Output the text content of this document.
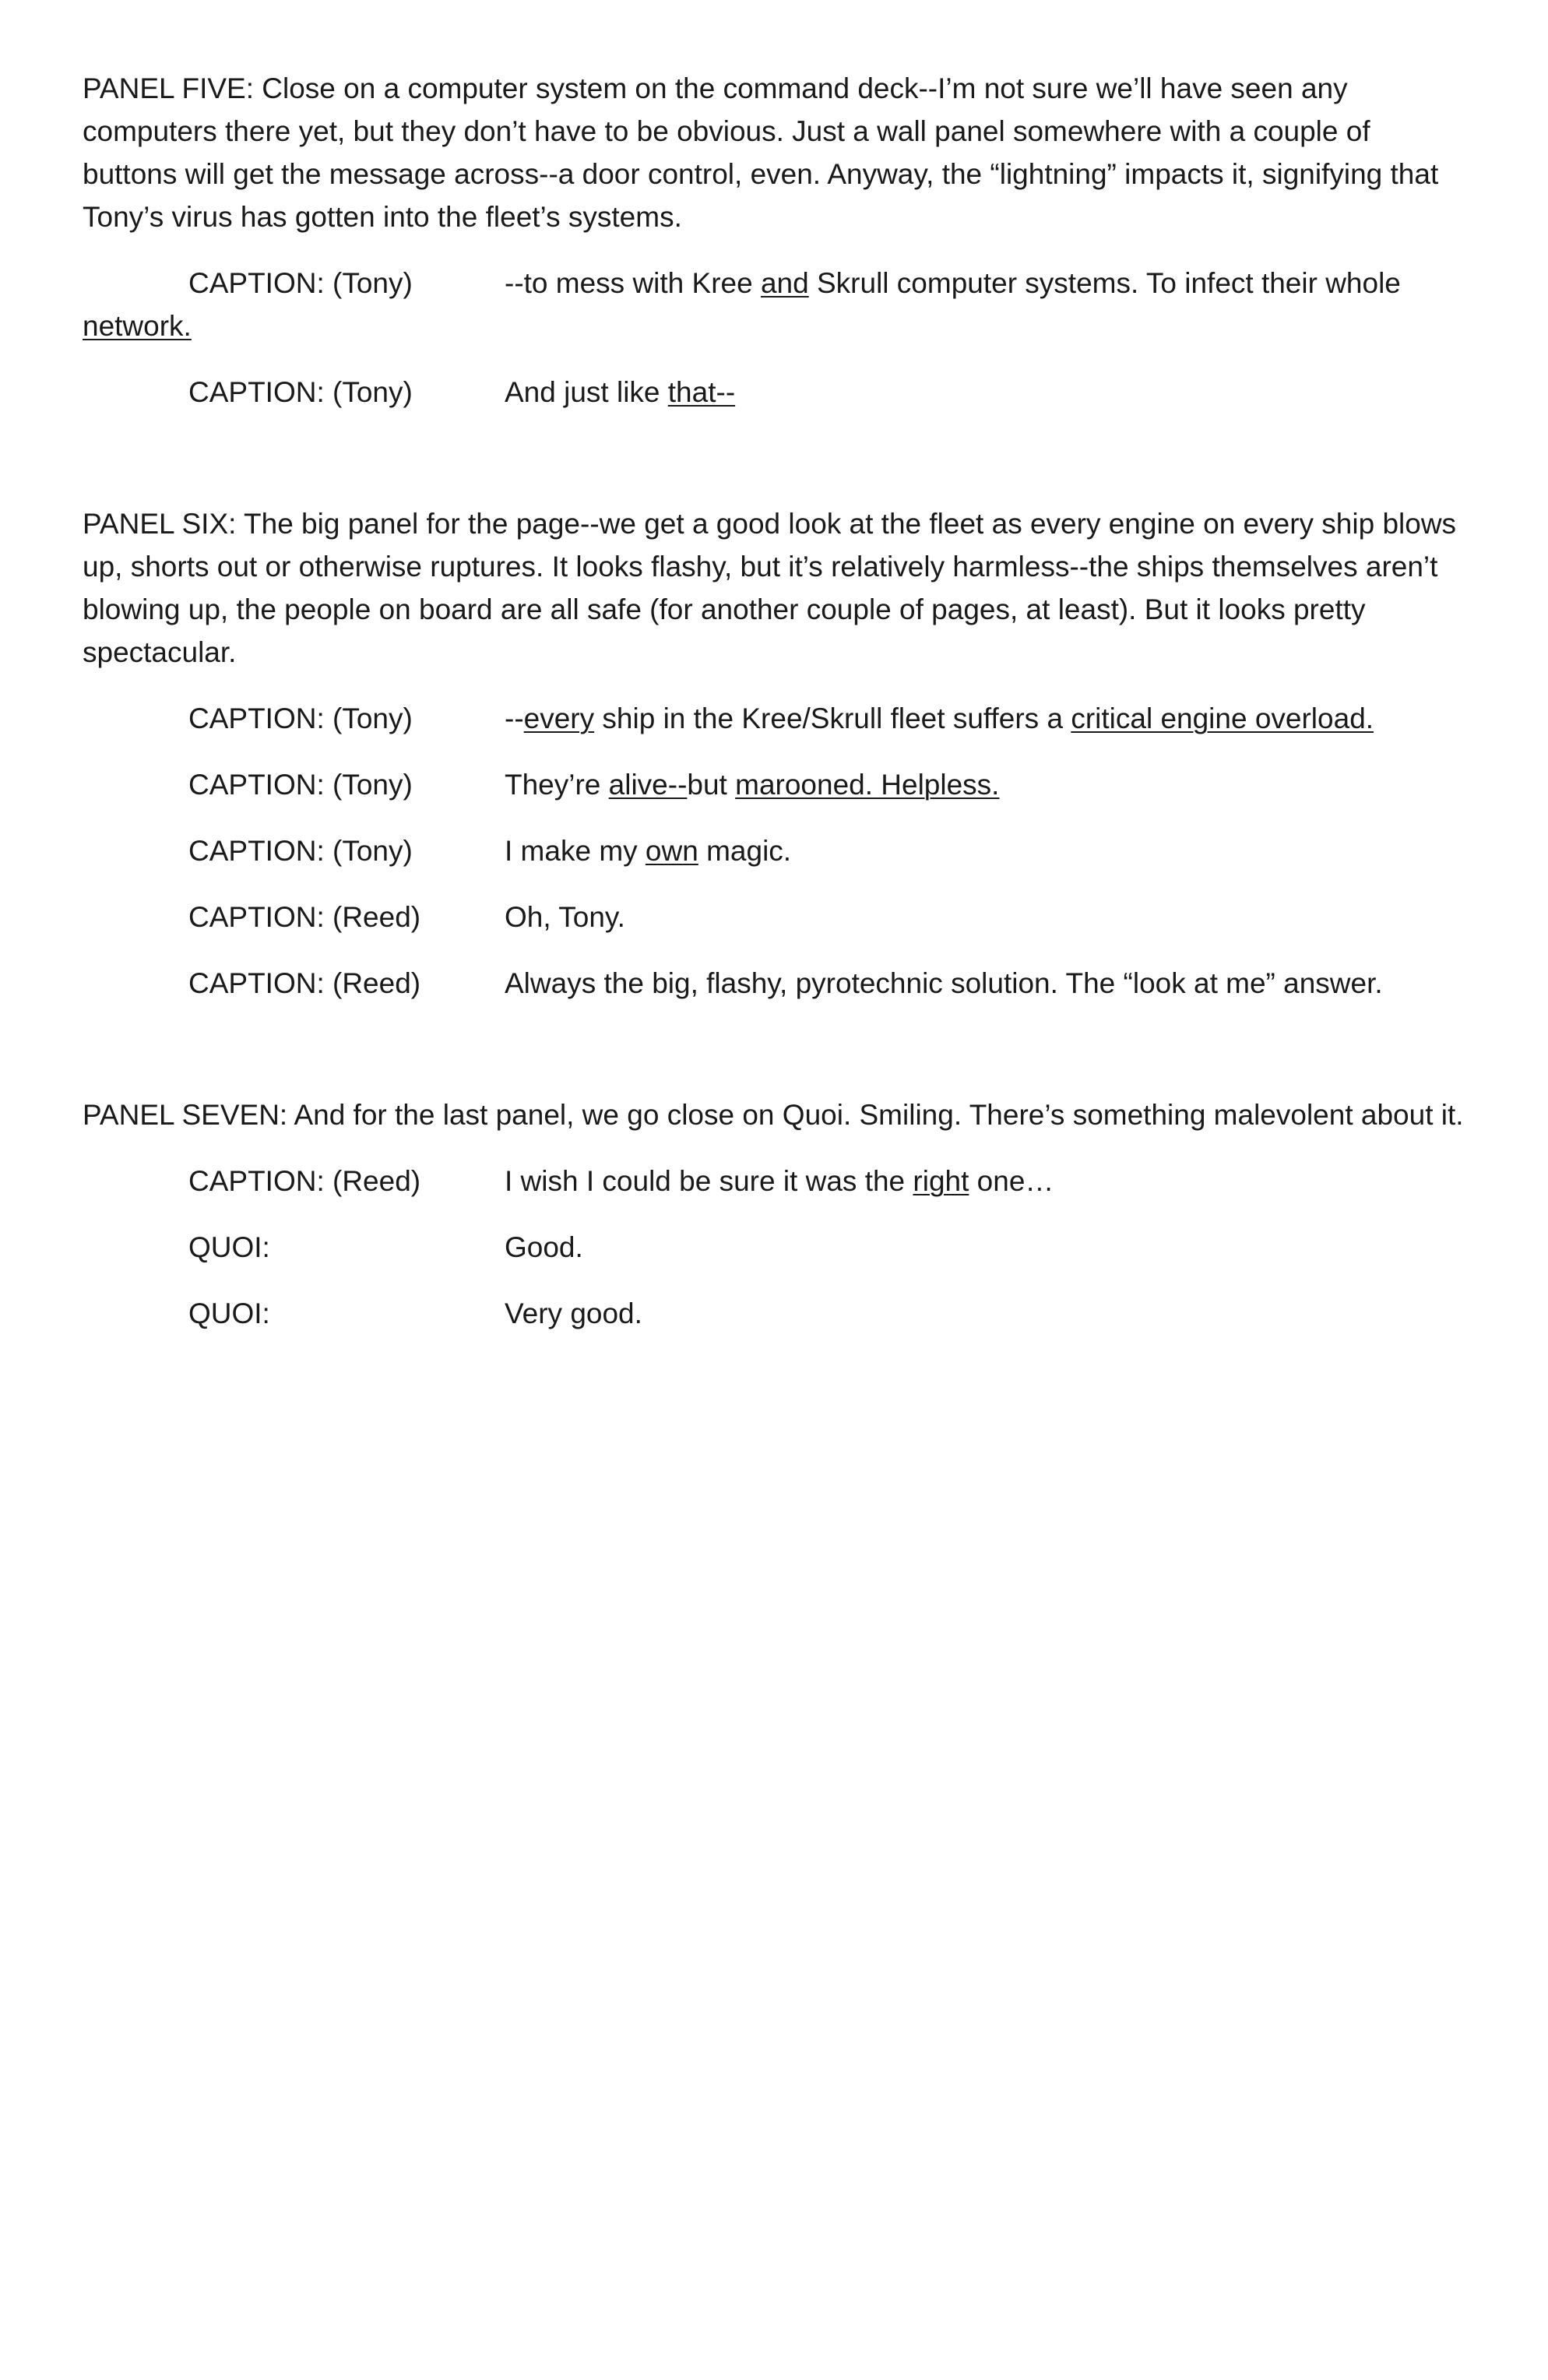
PANEL FIVE: Close on a computer system on the command deck--I’m not sure we’ll have seen any computers there yet, but they don’t have to be obvious. Just a wall panel somewhere with a couple of buttons will get the message across--a door control, even. Anyway, the “lightning” impacts it, signifying that Tony’s virus has gotten into the fleet’s systems.

CAPTION: (Tony)	--to mess with Kree and Skrull computer systems. To infect their whole network.
CAPTION: (Tony)	And just like that--

PANEL SIX: The big panel for the page--we get a good look at the fleet as every engine on every ship blows up, shorts out or otherwise ruptures. It looks flashy, but it’s relatively harmless--the ships themselves aren’t blowing up, the people on board are all safe (for another couple of pages, at least). But it looks pretty spectacular.

CAPTION: (Tony)	--every ship in the Kree/Skrull fleet suffers a critical engine overload.
CAPTION: (Tony)	They’re alive--but marooned. Helpless.
CAPTION: (Tony)	I make my own magic.
CAPTION: (Reed)	Oh, Tony.
CAPTION: (Reed)	Always the big, flashy, pyrotechnic solution. The “look at me” answer.

PANEL SEVEN: And for the last panel, we go close on Quoi. Smiling. There’s something malevolent about it.

CAPTION: (Reed)	I wish I could be sure it was the right one…
QUOI:	Good.
QUOI:	Very good.
